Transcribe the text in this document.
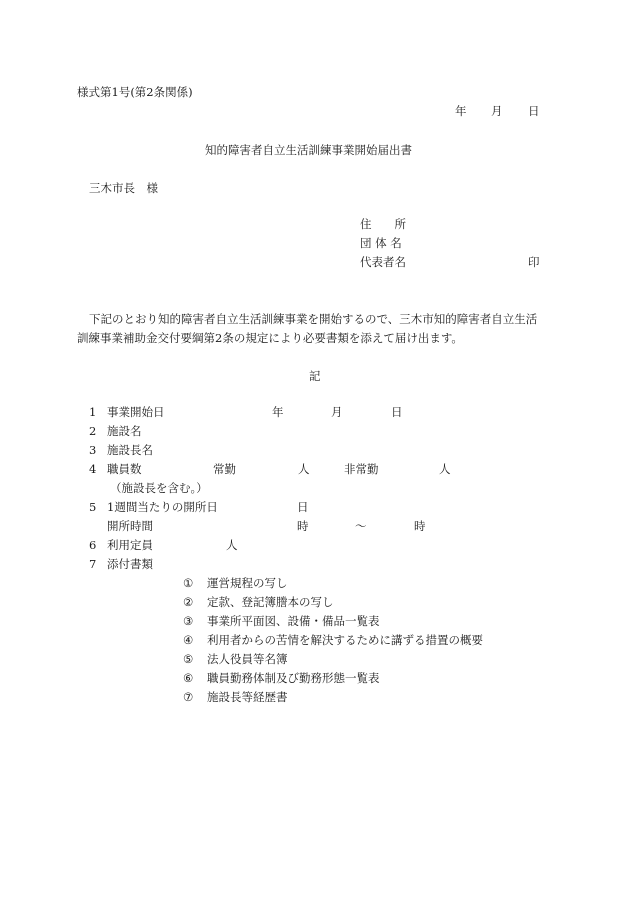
様式第1号(第2条関係)
年 月 日
知的障害者自立生活訓練事業開始届出書
三木市長　様
住　　所
団 体 名
代表者名	印
下記のとおり知的障害者自立生活訓練事業を開始するので、三木市知的障害者自立生活
訓練事業補助金交付要綱第2条の規定により必要書類を添えて届け出ます。
記
1 事業開始日	年	月	日
2 施設名
3 施設長名
4 職員数	常勤	人	非常勤	人
（施設長を含む。）
5 1週間当たりの開所日	日
開所時間	時	～	時
6 利用定員	人
7 添付書類
① 運営規程の写し
② 定款、登記簿謄本の写し
③ 事業所平面図、設備・備品一覧表
④ 利用者からの苦情を解決するために講ずる措置の概要
⑤ 法人役員等名簿
⑥ 職員勤務体制及び勤務形態一覧表
⑦ 施設長等経歴書
